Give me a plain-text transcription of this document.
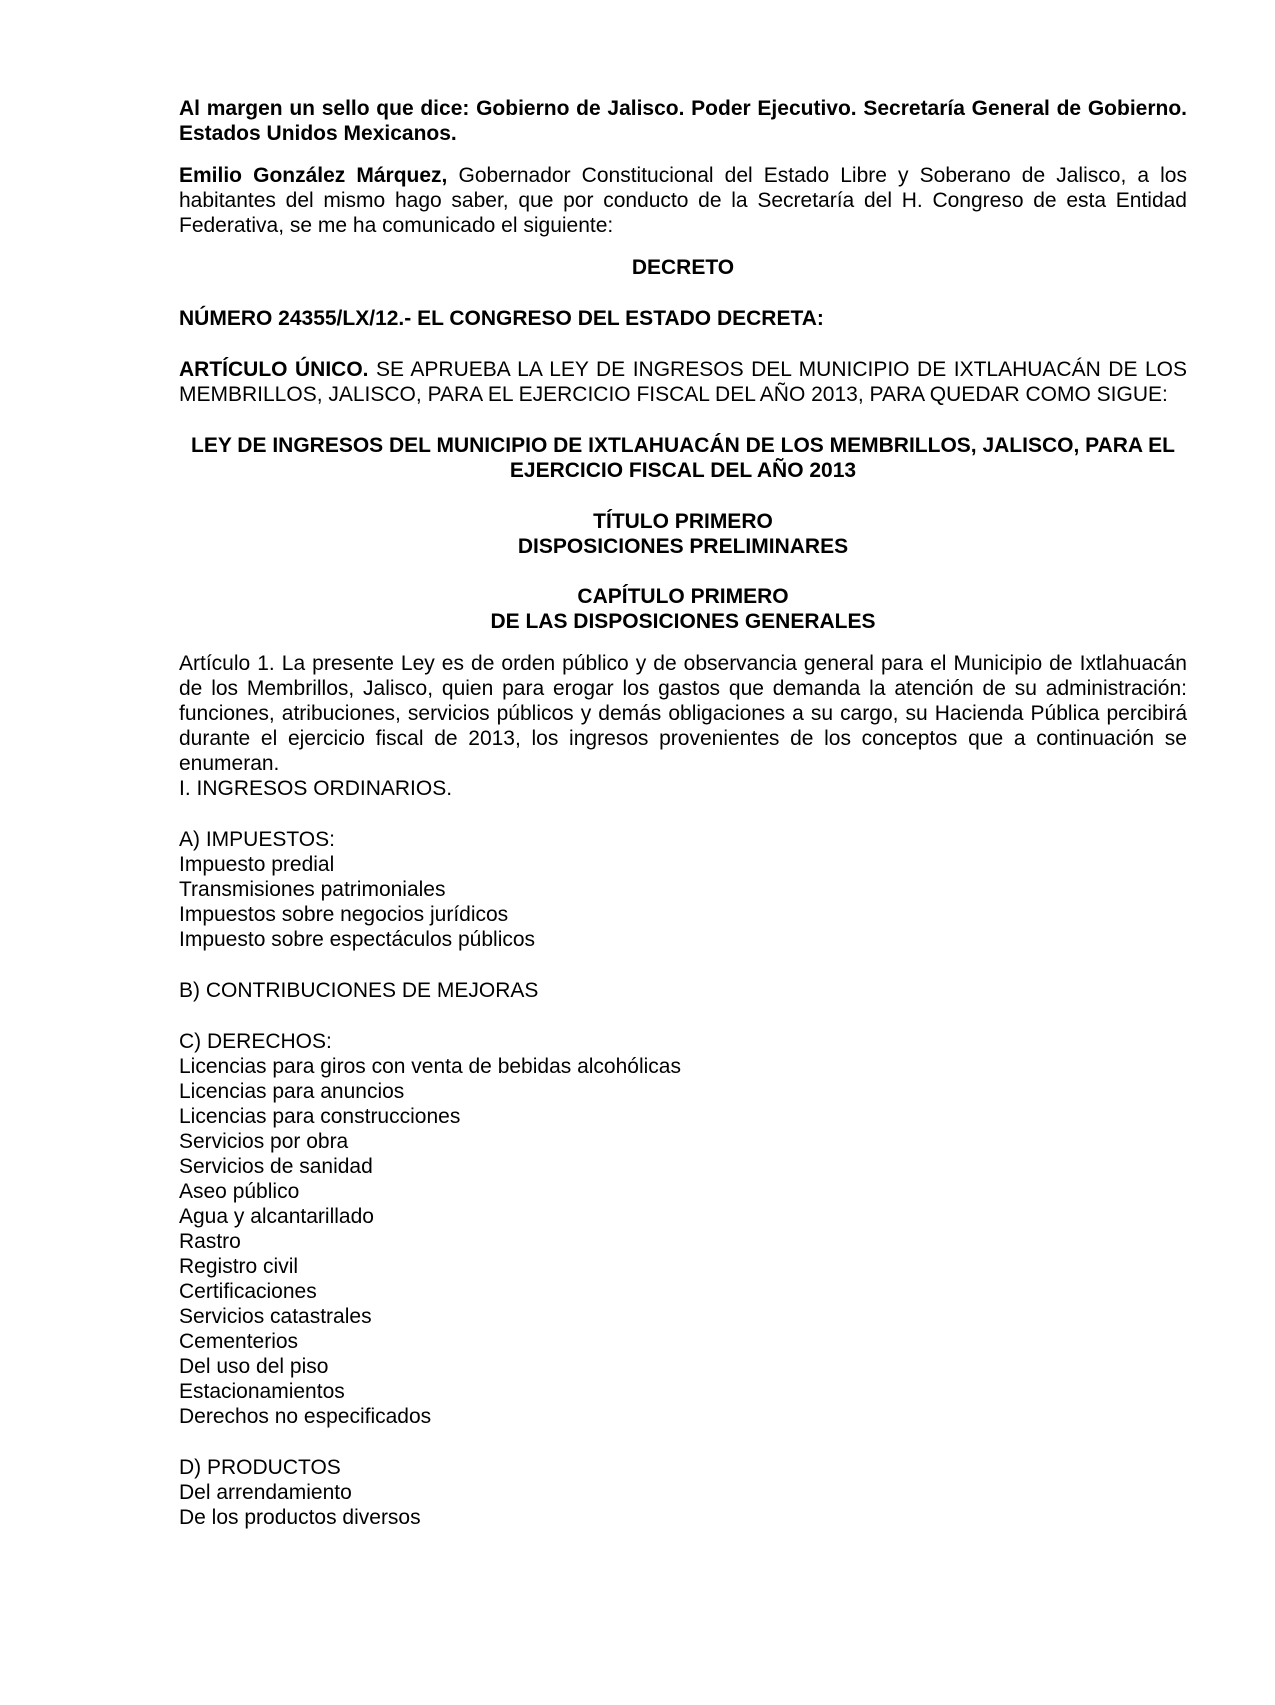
Al margen un sello que dice: Gobierno de Jalisco. Poder Ejecutivo. Secretaría General de Gobierno. Estados Unidos Mexicanos.

Emilio González Márquez, Gobernador Constitucional del Estado Libre y Soberano de Jalisco, a los habitantes del mismo hago saber, que por conducto de la Secretaría del H. Congreso de esta Entidad Federativa, se me ha comunicado el siguiente:

DECRETO

NÚMERO 24355/LX/12.- EL CONGRESO DEL ESTADO DECRETA:

ARTÍCULO ÚNICO. SE APRUEBA LA LEY DE INGRESOS DEL MUNICIPIO DE IXTLAHUACÁN DE LOS MEMBRILLOS, JALISCO, PARA EL EJERCICIO FISCAL DEL AÑO 2013, PARA QUEDAR COMO SIGUE:

LEY DE INGRESOS DEL MUNICIPIO DE IXTLAHUACÁN DE LOS MEMBRILLOS, JALISCO, PARA EL

EJERCICIO FISCAL DEL AÑO 2013

TÍTULO PRIMERO

DISPOSICIONES PRELIMINARES

CAPÍTULO PRIMERO

DE LAS DISPOSICIONES GENERALES

Artículo 1. La presente Ley es de orden público y de observancia general para el Municipio de Ixtlahuacán de los Membrillos, Jalisco, quien para erogar los gastos que demanda la atención de su administración: funciones, atribuciones, servicios públicos y demás obligaciones a su cargo, su Hacienda Pública percibirá durante el ejercicio fiscal de 2013, los ingresos provenientes de los conceptos que a continuación se enumeran.

I. INGRESOS ORDINARIOS.

A) IMPUESTOS:

Impuesto predial
Transmisiones patrimoniales
Impuestos sobre negocios jurídicos
Impuesto sobre espectáculos públicos

B) CONTRIBUCIONES DE MEJORAS

C) DERECHOS:

Licencias para giros con venta de bebidas alcohólicas
Licencias para anuncios
Licencias para construcciones
Servicios por obra
Servicios de sanidad
Aseo público
Agua y alcantarillado
Rastro
Registro civil
Certificaciones
Servicios catastrales
Cementerios
Del uso del piso
Estacionamientos
Derechos no especificados

D) PRODUCTOS

Del arrendamiento
De los productos diversos
